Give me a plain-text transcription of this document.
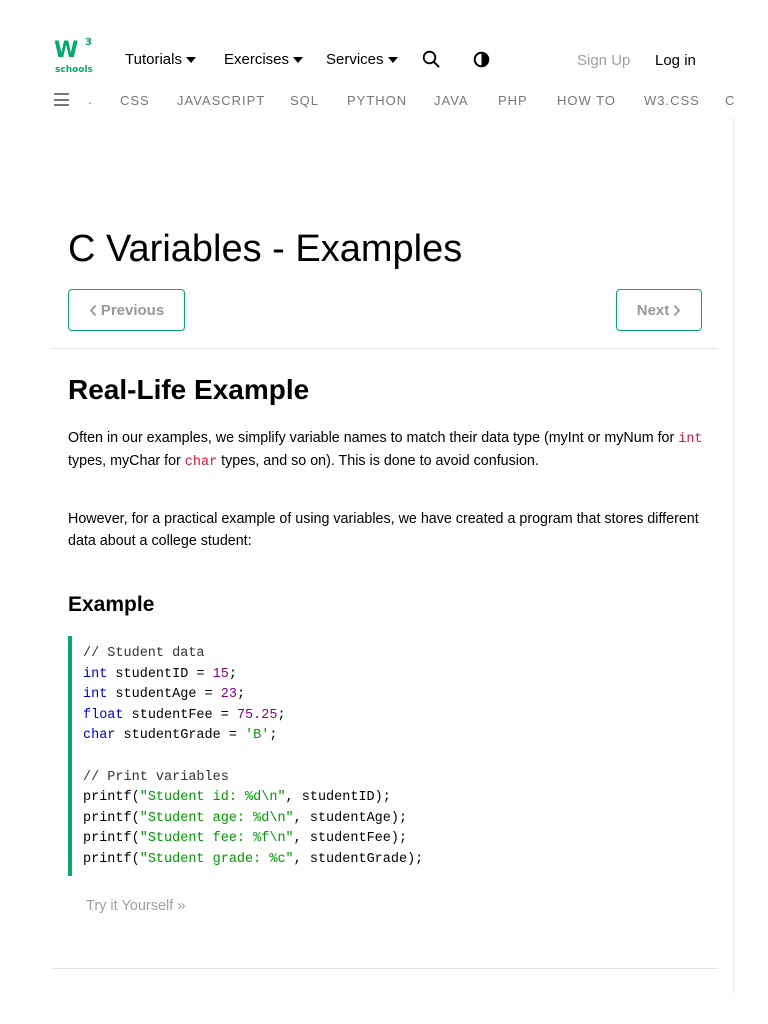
W 3
schools
Tutorials	Exercises Services	Sign Up Log in
. CSS JAVASCRIPT SQL PYTHON JAVA PHP HOW TO W3.CSS C
C Variables - Examples
Previous	Next
Real-Life Example

Often in our examples, we simplify variable names to match their data type (myInt or myNum for int types, myChar for char types, and so on). This is done to avoid confusion.

However, for a practical example of using variables, we have created a program that stores different data about a college student:

Example
// Student data
int studentID = 15;
int studentAge = 23;
float studentFee = 75.25;
char studentGrade = 'B';

// Print variables
printf("Student id: %d\n", studentID);
printf("Student age: %d\n", studentAge);
printf("Student fee: %f\n", studentFee);
printf("Student grade: %c", studentGrade);
Try it Yourself »
